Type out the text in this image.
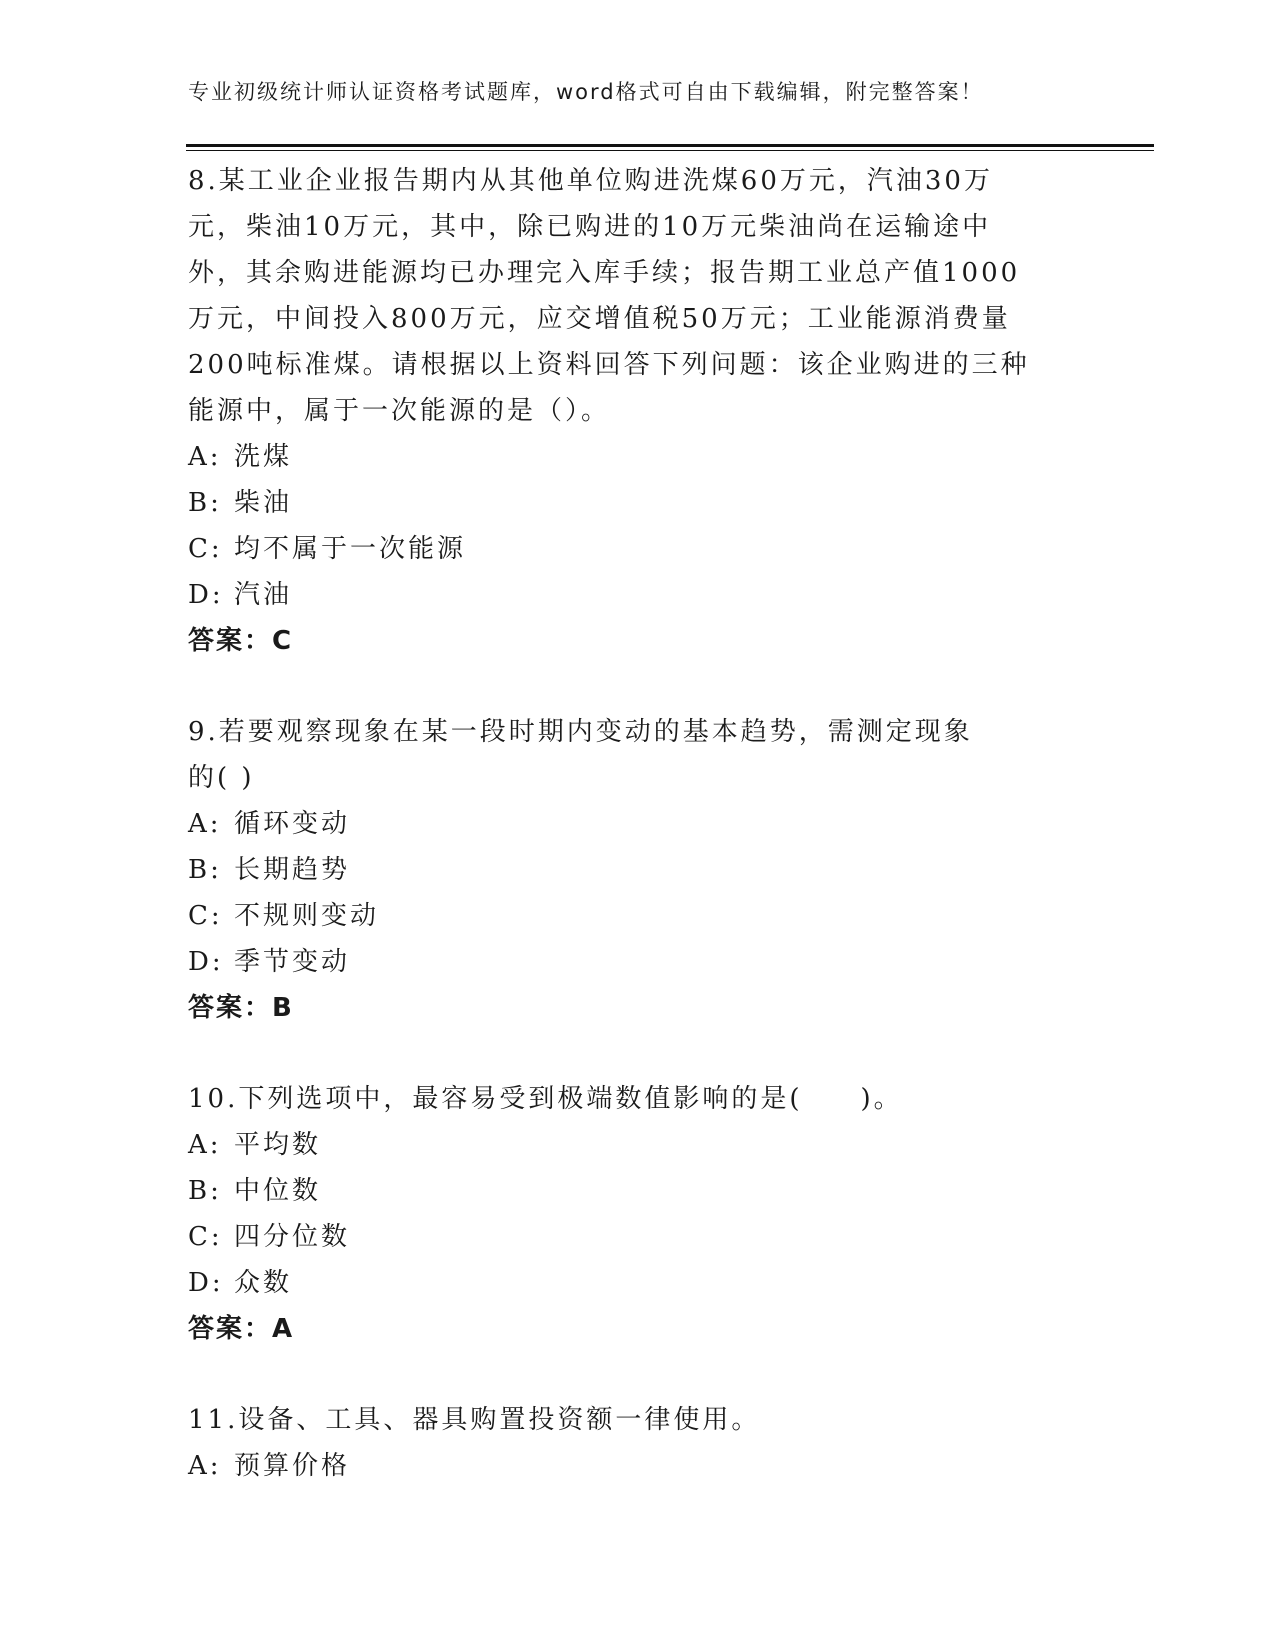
专业初级统计师认证资格考试题库，word格式可自由下载编辑，附完整答案！

8.某工业企业报告期内从其他单位购进洗煤60万元，汽油30万元，柴油10万元，其中，除已购进的10万元柴油尚在运输途中外，其余购进能源均已办理完入库手续；报告期工业总产值1000万元，中间投入800万元，应交增值税50万元；工业能源消费量200吨标准煤。请根据以上资料回答下列问题：该企业购进的三种能源中，属于一次能源的是（）。

A: 洗煤
B: 柴油
C: 均不属于一次能源
D: 汽油
答案：C

9.若要观察现象在某一段时期内变动的基本趋势，需测定现象的( )

A: 循环变动
B: 长期趋势
C: 不规则变动
D: 季节变动
答案：B

10.下列选项中，最容易受到极端数值影响的是(　　)。

A: 平均数
B: 中位数
C: 四分位数
D: 众数
答案：A

11.设备、工具、器具购置投资额一律使用。

A: 预算价格
